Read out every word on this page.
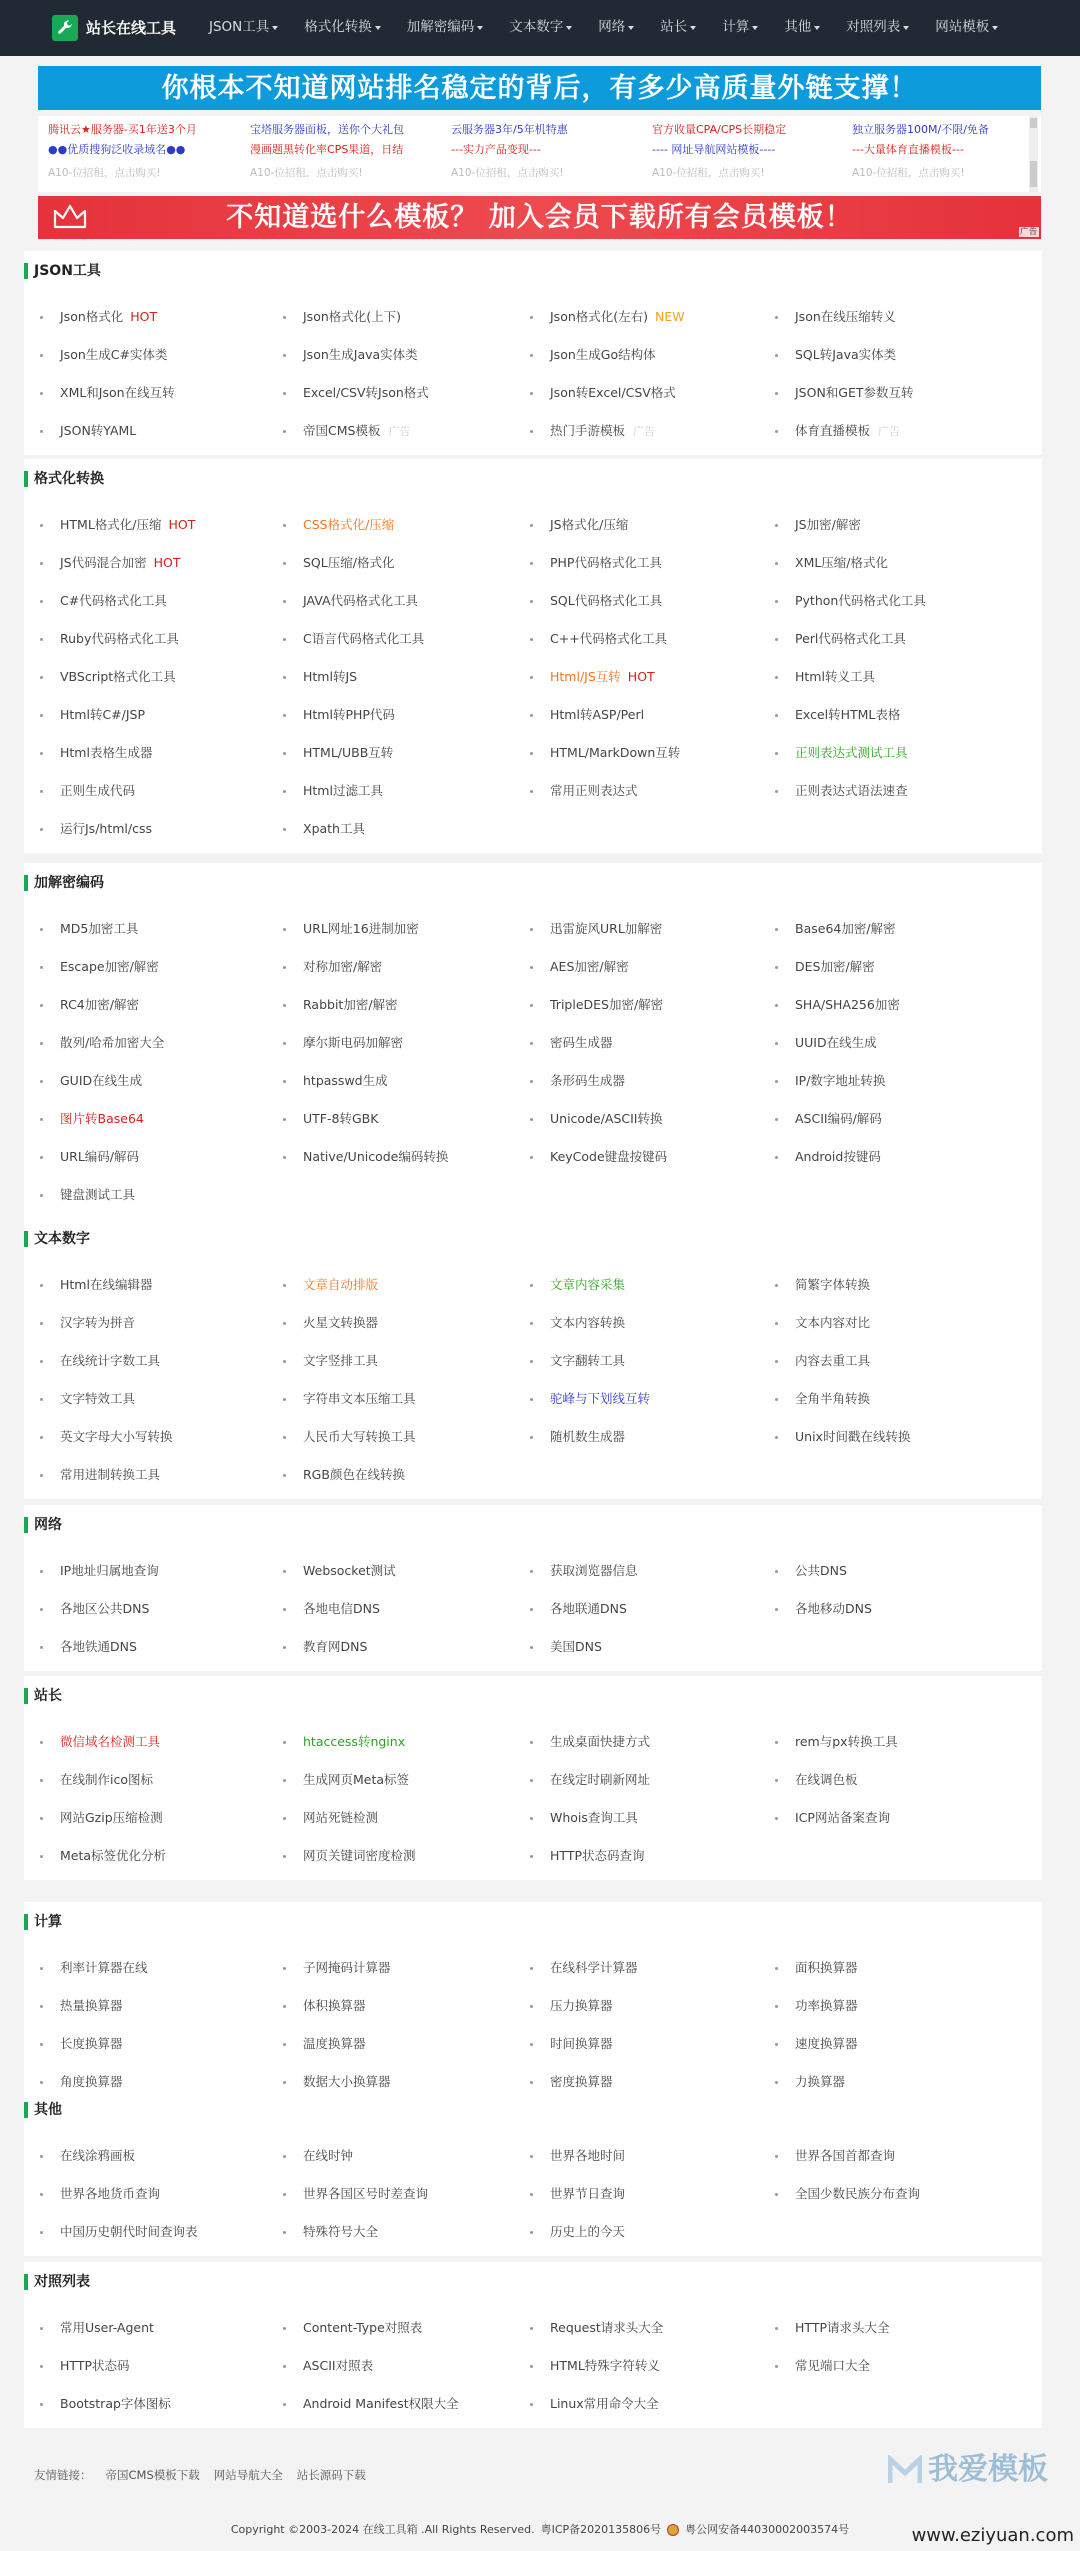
站长在线工具 JSON工具	格式化转换	加解密编码	文本数字	网络	站长	计算	其他	对照列表	网站模板
你根本不知道网站排名稳定的背后，有多少高质量外链支撑！
腾讯云★服务器-买1年送3个月	宝塔服务器面板，送你个大礼包	云服务器3年/5年机特惠	官方收量CPA/CPS长期稳定	独立服务器100M/不限/免备
●●优质搜狗泛收录域名●●	漫画题黑转化率CPS果道，日结	---实力产品变现---	---- 网址导航网站模板----	---大量体育直播模板---
A10-位招租，点击购买!	A10-位招租，点击购买!	A10-位招租，点击购买!	A10-位招租，点击购买!	A10-位招租，点击购买!
不知道选什么模板？ 加入会员下载所有会员模板！	广告
JSON工具
Json格式化 HOT	Json格式化(上下)	Json格式化(左右) NEW	Json在线压缩转义
Json生成C#实体类	Json生成Java实体类	Json生成Go结构体	SQL转Java实体类
XML和Json在线互转	Excel/CSV转Json格式	Json转Excel/CSV格式	JSON和GET参数互转
JSON转YAML	帝国CMS模板 广告	热门手游模板 广告	体育直播模板 广告
格式化转换
HTML格式化/压缩 HOT	CSS格式化/压缩	JS格式化/压缩	JS加密/解密
JS代码混合加密 HOT	SQL压缩/格式化	PHP代码格式化工具	XML压缩/格式化
C#代码格式化工具	JAVA代码格式化工具	SQL代码格式化工具	Python代码格式化工具
Ruby代码格式化工具	C语言代码格式化工具	C++代码格式化工具	Perl代码格式化工具
VBScript格式化工具	Html转JS	Html/JS互转 HOT	Html转义工具
Html转C#/JSP	Html转PHP代码	Html转ASP/Perl	Excel转HTML表格
Html表格生成器	HTML/UBB互转	HTML/MarkDown互转	正则表达式测试工具
正则生成代码	Html过滤工具	常用正则表达式	正则表达式语法速查
运行Js/html/css	Xpath工具
加解密编码
MD5加密工具	URL网址16进制加密	迅雷旋风URL加解密	Base64加密/解密
Escape加密/解密	对称加密/解密	AES加密/解密	DES加密/解密
RC4加密/解密	Rabbit加密/解密	TripleDES加密/解密	SHA/SHA256加密
散列/哈希加密大全	摩尔斯电码加解密	密码生成器	UUID在线生成
GUID在线生成	htpasswd生成	条形码生成器	IP/数字地址转换
图片转Base64	UTF-8转GBK	Unicode/ASCII转换	ASCII编码/解码
URL编码/解码	Native/Unicode编码转换	KeyCode键盘按键码	Android按键码
键盘测试工具
文本数字
Html在线编辑器	文章自动排版	文章内容采集	简繁字体转换
汉字转为拼音	火星文转换器	文本内容转换	文本内容对比
在线统计字数工具	文字竖排工具	文字翻转工具	内容去重工具
文字特效工具	字符串文本压缩工具	驼峰与下划线互转	全角半角转换
英文字母大小写转换	人民币大写转换工具	随机数生成器	Unix时间戳在线转换
常用进制转换工具	RGB颜色在线转换
网络
IP地址归属地查询	Websocket测试	获取浏览器信息	公共DNS
各地区公共DNS	各地电信DNS	各地联通DNS	各地移动DNS
各地铁通DNS	教育网DNS	美国DNS
站长
微信域名检测工具	htaccess转nginx	生成桌面快捷方式	rem与px转换工具
在线制作ico图标	生成网页Meta标签	在线定时刷新网址	在线调色板
网站Gzip压缩检测	网站死链检测	Whois查询工具	ICP网站备案查询
Meta标签优化分析	网页关键词密度检测	HTTP状态码查询
计算
利率计算器在线	子网掩码计算器	在线科学计算器	面积换算器
热量换算器	体积换算器	压力换算器	功率换算器
长度换算器	温度换算器	时间换算器	速度换算器
角度换算器	数据大小换算器	密度换算器	力换算器
其他
在线涂鸦画板	在线时钟	世界各地时间	世界各国首都查询
世界各地货币查询	世界各国区号时差查询	世界节日查询	全国少数民族分布查询
中国历史朝代时间查询表	特殊符号大全	历史上的今天
对照列表
常用User-Agent	Content-Type对照表	Request请求头大全	HTTP请求头大全
HTTP状态码	ASCII对照表	HTML特殊字符转义	常见端口大全
Bootstrap字体图标	Android Manifest权限大全	Linux常用命令大全
友情链接： 帝国CMS模板下载 网站导航大全 站长源码下载	我爱模板
Copyright ©2003-2024 在线工具箱 .All Rights Reserved. 粤ICP备2020135806号 粤公网安备44030002003574号	www.eziyuan.com
